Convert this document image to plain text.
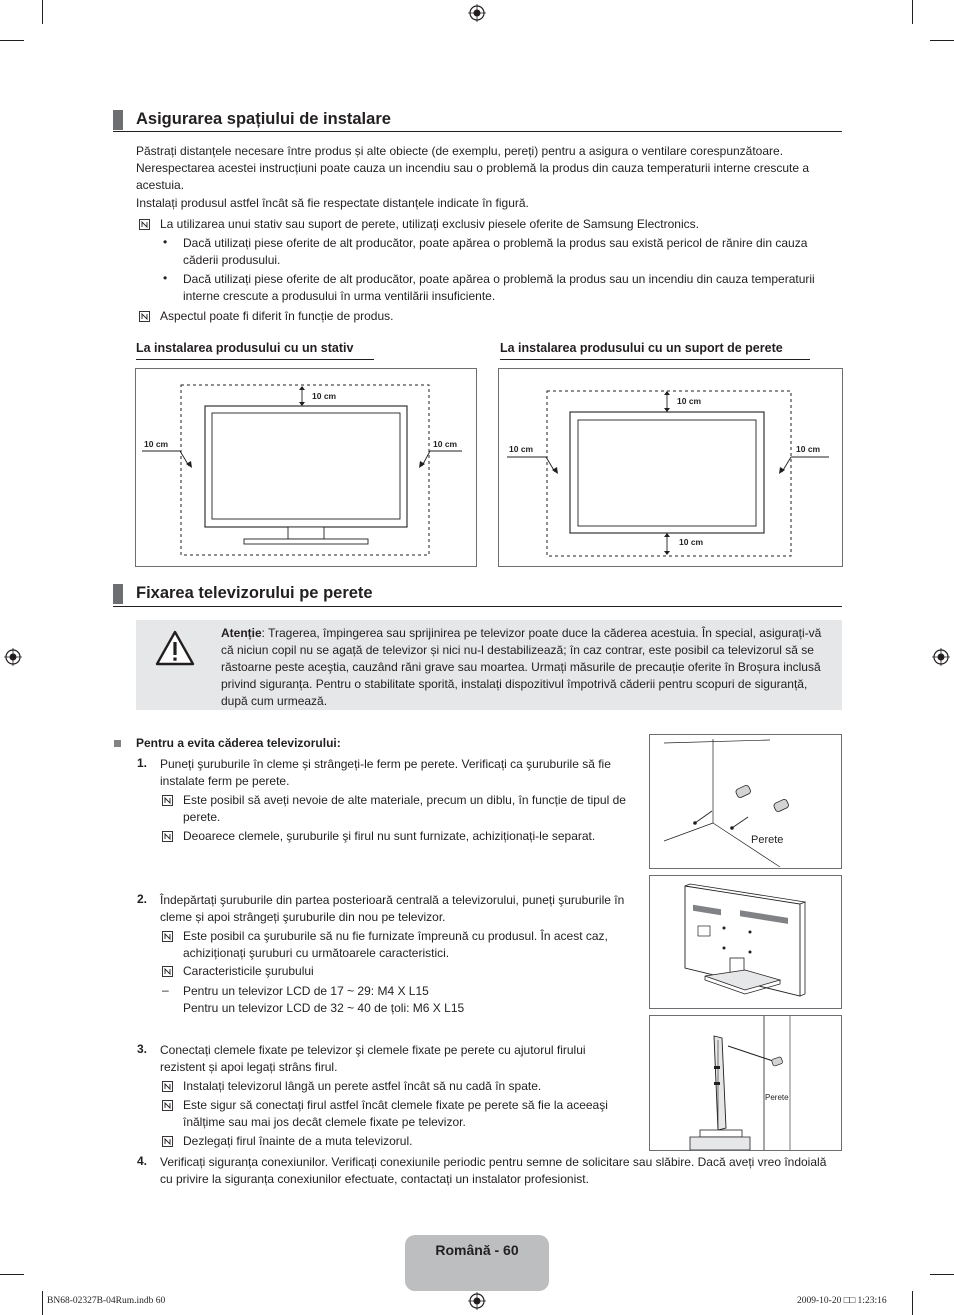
Asigurarea spațiului de instalare

Păstrați distanțele necesare între produs și alte obiecte (de exemplu, pereți) pentru a asigura o ventilare corespunzătoare. Nerespectarea acestei instrucțiuni poate cauza un incendiu sau o problemă la produs din cauza temperaturii interne crescute a acestuia.

Instalați produsul astfel încât să fie respectate distanțele indicate în figură.

La utilizarea unui stativ sau suport de perete, utilizați exclusiv piesele oferite de Samsung Electronics.

• Dacă utilizați piese oferite de alt producător, poate apărea o problemă la produs sau există pericol de rănire din cauza căderii produsului.

• Dacă utilizați piese oferite de alt producător, poate apărea o problemă la produs sau un incendiu din cauza temperaturii interne crescute a produsului în urma ventilării insuficiente.

Aspectul poate fi diferit în funcție de produs.

La instalarea produsului cu un stativ	La instalarea produsului cu un suport de perete
10 cm
10 cm	10 cm
10 cm
10 cm
10 cm	10 cm
Fixarea televizorului pe perete

Atenție: Tragerea, împingerea sau sprijinirea pe televizor poate duce la căderea acestuia. În special, asigurați-vă că niciun copil nu se agață de televizor și nici nu-l destabilizează; în caz contrar, este posibil ca televizorul să se răstoarne peste aceştia, cauzând răni grave sau moartea. Urmați măsurile de precauție oferite în Broșura inclusă privind siguranța. Pentru o stabilitate sporită, instalați dispozitivul împotrivă căderii pentru scopuri de siguranță, după cum urmează.

Pentru a evita căderea televizorului:
1. Puneți şuruburile în cleme și strângeți-le ferm pe perete. Verificați ca şuruburile să fie instalate ferm pe perete.

Este posibil să aveți nevoie de alte materiale, precum un diblu, în funcție de tipul de perete.

Deoarece clemele, şuruburile şi firul nu sunt furnizate, achiziționați-le separat.	Perete
2. Îndepărtați şuruburile din partea posterioară centrală a televizorului, puneți şuruburile în cleme și apoi strângeți şuruburile din nou pe televizor.

Este posibil ca şuruburile să nu fie furnizate împreună cu produsul. În acest caz, achiziționați şuruburi cu următoarele caracteristici.

Caracteristicile şurubului

– Pentru un televizor LCD de 17 ~ 29: M4 X L15

Pentru un televizor LCD de 32 ~ 40 de țoli: M6 X L15

3. Conectați clemele fixate pe televizor şi clemele fixate pe perete cu ajutorul firului rezistent și apoi legați strâns firul.

Instalați televizorul lângă un perete astfel încât să nu cadă în spate.

Este sigur să conectați firul astfel încât clemele fixate pe perete să fie la aceeaşi înălțime sau mai jos decât clemele fixate pe televizor.

Dezlegați firul înainte de a muta televizorul.

Perete
4. Verificați siguranța conexiunilor. Verificați conexiunile periodic pentru semne de solicitare sau slăbire. Dacă aveți vreo îndoială cu privire la siguranța conexiunilor efectuate, contactați un instalator profesionist.

Română - 60
BN68-02327B-04Rum.indb 60	2009-10-20 □□ 1:23:16
